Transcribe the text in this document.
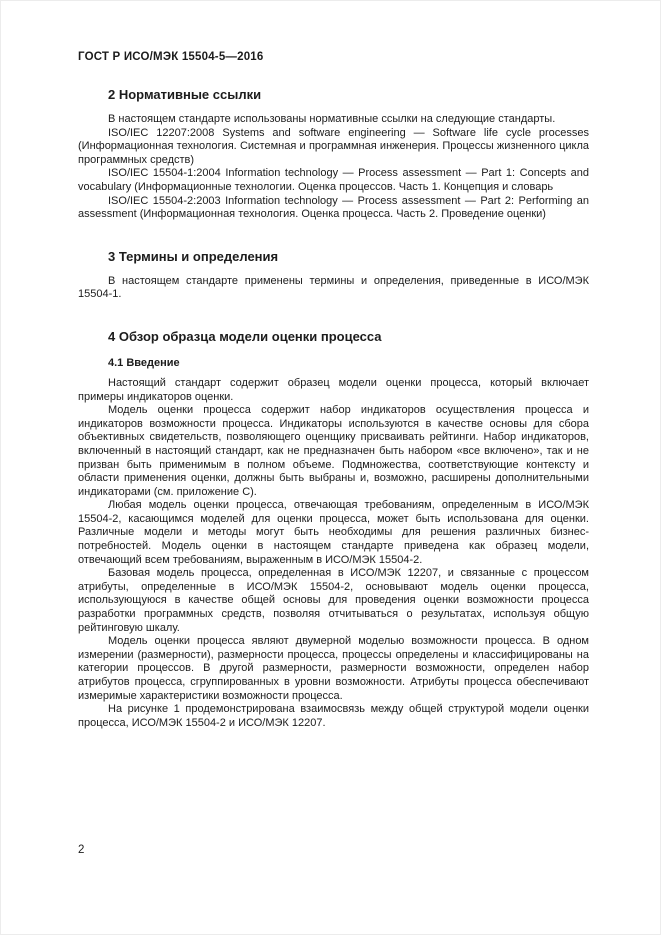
ГОСТ Р ИСО/МЭК 15504-5—2016
2 Нормативные ссылки

В настоящем стандарте использованы нормативные ссылки на следующие стандарты.

ISO/IEC 12207:2008 Systems and software engineering — Software life cycle processes (Информационная технология. Системная и программная инженерия. Процессы жизненного цикла программных средств)

ISO/IEC 15504-1:2004 Information technology — Process assessment — Part 1: Concepts and vocabulary (Информационные технологии. Оценка процессов. Часть 1. Концепция и словарь

ISO/IEC 15504-2:2003 Information technology — Process assessment — Part 2: Performing an assessment (Информационная технология. Оценка процесса. Часть 2. Проведение оценки)

3 Термины и определения

В настоящем стандарте применены термины и определения, приведенные в ИСО/МЭК 15504-1.

4 Обзор образца модели оценки процесса
4.1 Введение

Настоящий стандарт содержит образец модели оценки процесса, который включает примеры индикаторов оценки.

Модель оценки процесса содержит набор индикаторов осуществления процесса и индикаторов возможности процесса. Индикаторы используются в качестве основы для сбора объективных свидетельств, позволяющего оценщику присваивать рейтинги. Набор индикаторов, включенный в настоящий стандарт, как не предназначен быть набором «все включено», так и не призван быть применимым в полном объеме. Подмножества, соответствующие контексту и области применения оценки, должны быть выбраны и, возможно, расширены дополнительными индикаторами (см. приложение С).

Любая модель оценки процесса, отвечающая требованиям, определенным в ИСО/МЭК 15504-2, касающимся моделей для оценки процесса, может быть использована для оценки. Различные модели и методы могут быть необходимы для решения различных бизнес-потребностей. Модель оценки в настоящем стандарте приведена как образец модели, отвечающий всем требованиям, выраженным в ИСО/МЭК 15504-2.

Базовая модель процесса, определенная в ИСО/МЭК 12207, и связанные с процессом атрибуты, определенные в ИСО/МЭК 15504-2, основывают модель оценки процесса, использующуюся в качестве общей основы для проведения оценки возможности процесса разработки программных средств, позволяя отчитываться о результатах, используя общую рейтинговую шкалу.

Модель оценки процесса являют двумерной моделью возможности процесса. В одном измерении (размерности), размерности процесса, процессы определены и классифицированы на категории процессов. В другой размерности, размерности возможности, определен набор атрибутов процесса, сгруппированных в уровни возможности. Атрибуты процесса обеспечивают измеримые характеристики возможности процесса.

На рисунке 1 продемонстрирована взаимосвязь между общей структурой модели оценки процесса, ИСО/МЭК 15504-2 и ИСО/МЭК 12207.

2
